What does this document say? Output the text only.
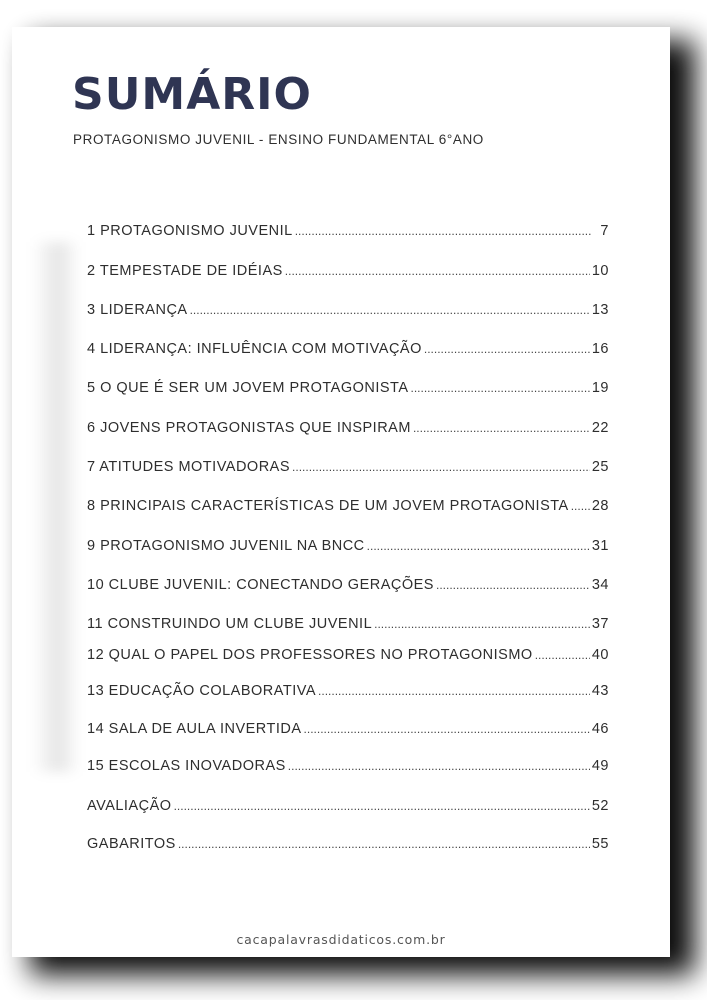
SUMÁRIO
PROTAGONISMO JUVENIL - ENSINO FUNDAMENTAL 6°ANO
1 PROTAGONISMO JUVENIL .....	7
2 TEMPESTADE DE IDÉIAS .....	10
3 LIDERANÇA .....	13
4 LIDERANÇA: INFLUÊNCIA COM MOTIVAÇÃO .....	16
5 O QUE É SER UM JOVEM PROTAGONISTA .....	19
6 JOVENS PROTAGONISTAS QUE INSPIRAM .....	22
7 ATITUDES MOTIVADORAS .....	25
8 PRINCIPAIS CARACTERÍSTICAS DE UM JOVEM PROTAGONISTA ..... 28
9 PROTAGONISMO JUVENIL NA BNCC .....	31
10 CLUBE JUVENIL: CONECTANDO GERAÇÕES .....	34
11 CONSTRUINDO UM CLUBE JUVENIL .....	37
12 QUAL O PAPEL DOS PROFESSORES NO PROTAGONISMO .....	40
13 EDUCAÇÃO COLABORATIVA .....	43
14 SALA DE AULA INVERTIDA .....	46
15 ESCOLAS INOVADORAS .....	49
AVALIAÇÃO .....	52
GABARITOS .....	55
cacapalavrasdidaticos.com.br
